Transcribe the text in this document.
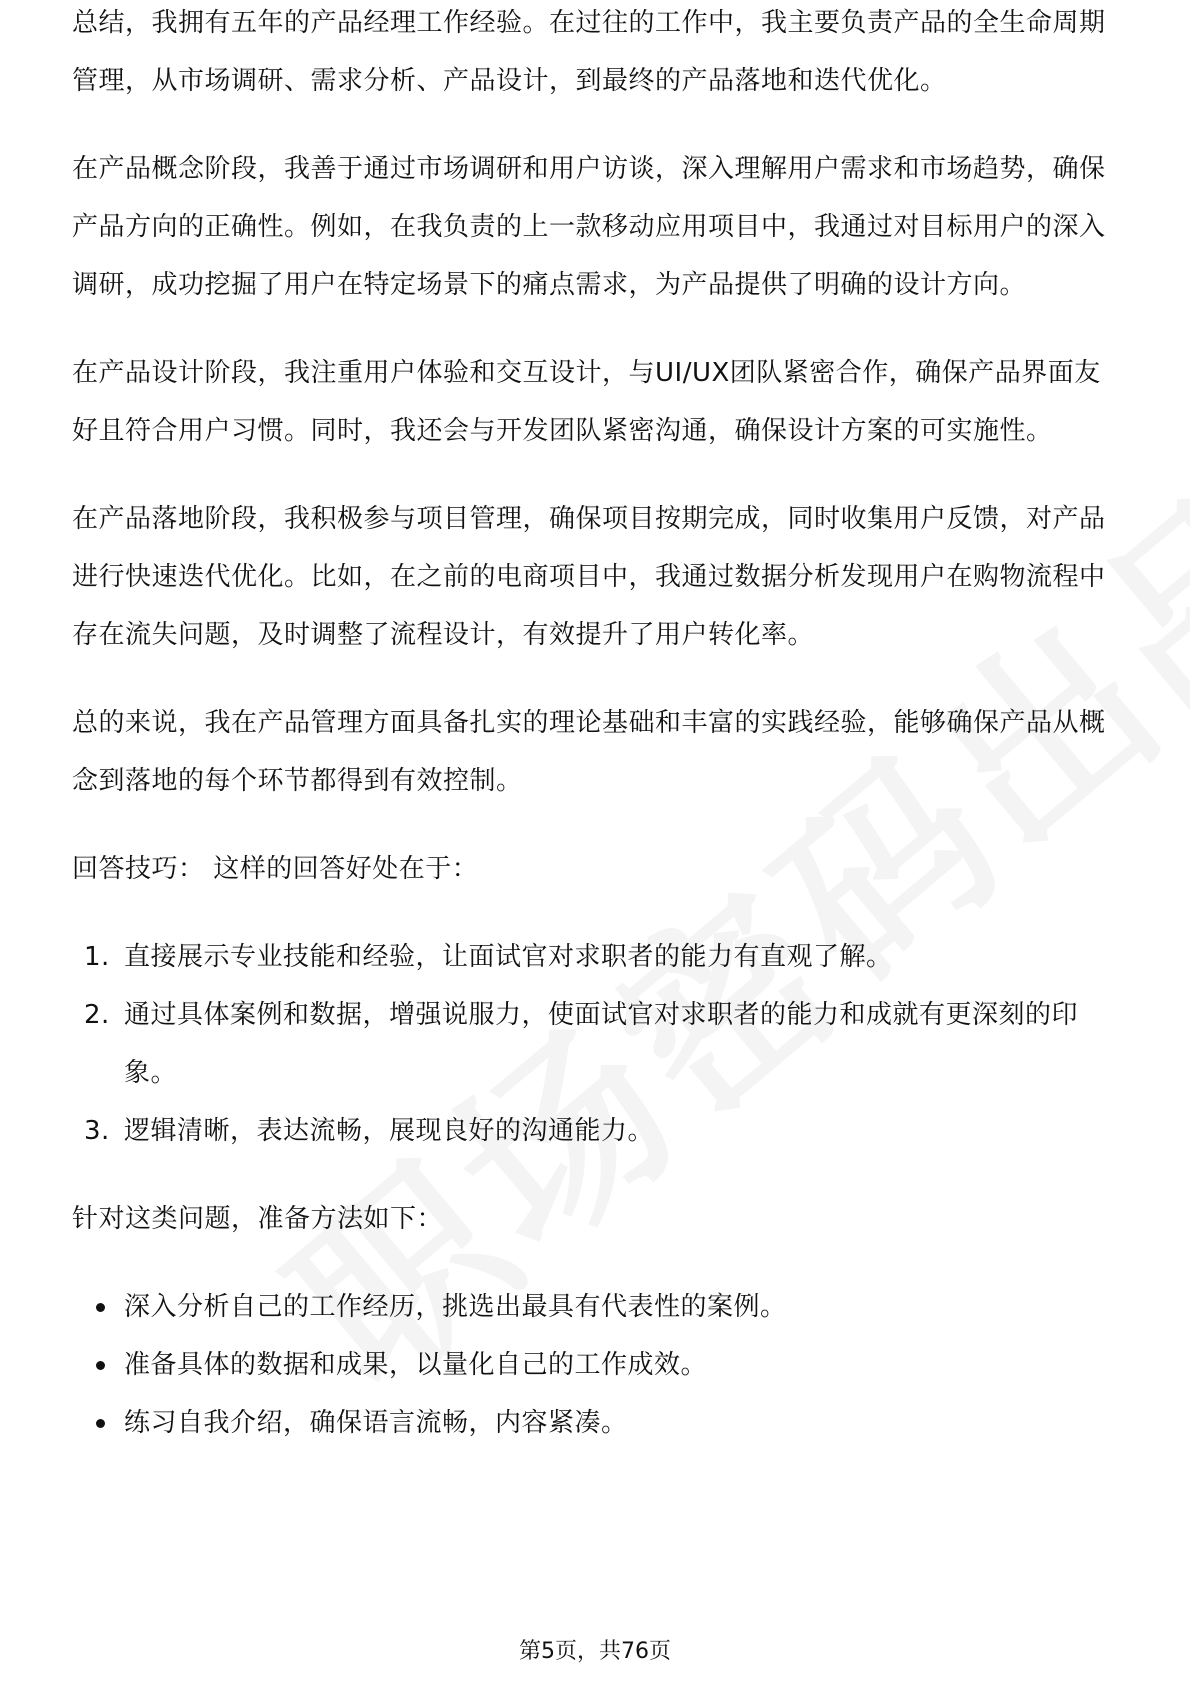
总结，我拥有五年的产品经理工作经验。在过往的工作中，我主要负责产品的全生命周期管理，从市场调研、需求分析、产品设计，到最终的产品落地和迭代优化。

在产品概念阶段，我善于通过市场调研和用户访谈，深入理解用户需求和市场趋势，确保产品方向的正确性。例如，在我负责的上一款移动应用项目中，我通过对目标用户的深入调研，成功挖掘了用户在特定场景下的痛点需求，为产品提供了明确的设计方向。

在产品设计阶段，我注重用户体验和交互设计，与UI/UX团队紧密合作，确保产品界面友好且符合用户习惯。同时，我还会与开发团队紧密沟通，确保设计方案的可实施性。

在产品落地阶段，我积极参与项目管理，确保项目按期完成，同时收集用户反馈，对产品进行快速迭代优化。比如，在之前的电商项目中，我通过数据分析发现用户在购物流程中存在流失问题，及时调整了流程设计，有效提升了用户转化率。

总的来说，我在产品管理方面具备扎实的理论基础和丰富的实践经验，能够确保产品从概念到落地的每个环节都得到有效控制。

回答技巧： 这样的回答好处在于：

1. 直接展示专业技能和经验，让面试官对求职者的能力有直观了解。
2. 通过具体案例和数据，增强说服力，使面试官对求职者的能力和成就有更深刻的印象。
3. 逻辑清晰，表达流畅，展现良好的沟通能力。

针对这类问题，准备方法如下：

深入分析自己的工作经历，挑选出最具有代表性的案例。
准备具体的数据和成果，以量化自己的工作成效。
练习自我介绍，确保语言流畅，内容紧凑。
第5页，共76页
